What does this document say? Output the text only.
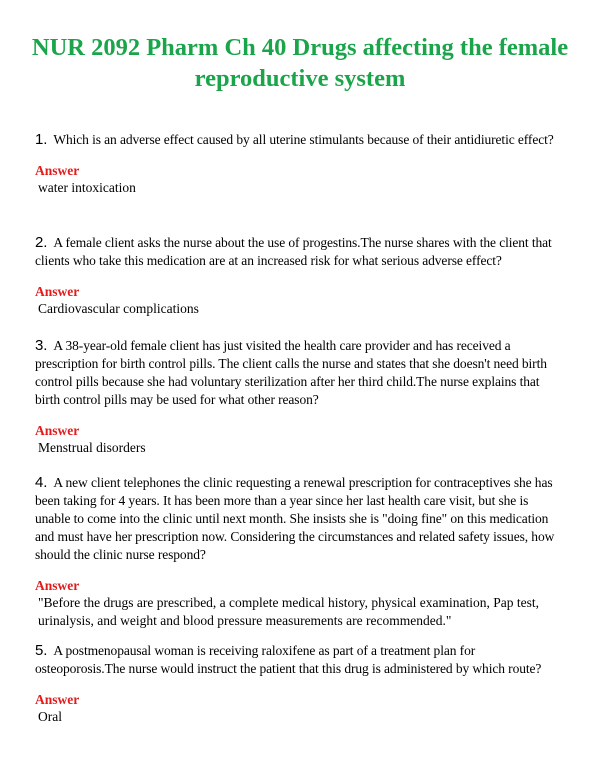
NUR 2092 Pharm Ch 40 Drugs affecting the female reproductive system

1. Which is an adverse effect caused by all uterine stimulants because of their antidiuretic effect?

Answer

water intoxication

2. A female client asks the nurse about the use of progestins.The nurse shares with the client that clients who take this medication are at an increased risk for what serious adverse effect?

Answer

Cardiovascular complications

3. A 38-year-old female client has just visited the health care provider and has received a prescription for birth control pills. The client calls the nurse and states that she doesn't need birth control pills because she had voluntary sterilization after her third child.The nurse explains that birth control pills may be used for what other reason?

Answer

Menstrual disorders

4. A new client telephones the clinic requesting a renewal prescription for contraceptives she has been taking for 4 years. It has been more than a year since her last health care visit, but she is unable to come into the clinic until next month. She insists she is "doing fine" on this medication and must have her prescription now. Considering the circumstances and related safety issues, how should the clinic nurse respond?

Answer

"Before the drugs are prescribed, a complete medical history, physical examination, Pap test, urinalysis, and weight and blood pressure measurements are recommended."

5. A postmenopausal woman is receiving raloxifene as part of a treatment plan for osteoporosis.The nurse would instruct the patient that this drug is administered by which route?

Answer

Oral
